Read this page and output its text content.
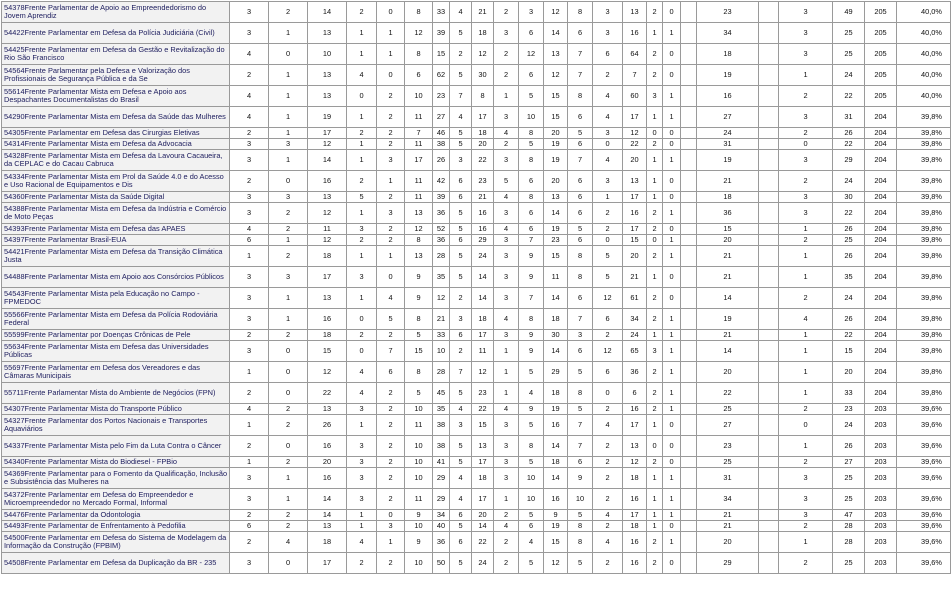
54378Frente Parlamentar de Apoio ao Empreendedorismo do Jovem Aprendiz	3	2	14	2	0	8	33	4	21	2	3	12	8	3	13	2	0		23		3	49	205	40,0%
54422Frente Parlamentar em Defesa da Polícia Judiciária (Civil)	3	1	13	1	1	12	39	5	18	3	6	14	6	3	16	1	1		34		3	25	205	40,0%
54425Frente Parlamentar em Defesa da Gestão e Revitalização do Rio São Francisco	4	0	10	1	1	8	15	2	12	2	12	13	7	6	64	2	0		18		3	25	205	40,0%
54564Frente Parlamentar pela Defesa e Valorização dos Profissionais de Segurança Pública e da Se	2	1	13	4	0	6	62	5	30	2	6	12	7	2	7	2	0		19		1	24	205	40,0%
55614Frente Parlamentar Mista em Defesa e Apoio aos Despachantes Documentalistas do Brasil	4	1	13	0	2	10	23	7	8	1	5	15	8	4	60	3	1		16		2	22	205	40,0%
54290Frente Parlamentar Mista em Defesa da Saúde das Mulheres	4	1	19	1	2	11	27	4	17	3	10	15	6	4	17	1	1		27		3	31	204	39,8%
54305Frente Parlamentar em Defesa das Cirurgias Eletivas	2	1	17	2	2	7	46	5	18	4	8	20	5	3	12	0	0		24		2	26	204	39,8%
54314Frente Parlamentar Mista em Defesa da Advocacia	3	3	12	1	2	11	38	5	20	2	5	19	6	0	22	2	0		31		0	22	204	39,8%
54328Frente Parlamentar Mista em Defesa da Lavoura Cacaueira, da CEPLAC e do Cacau Cabruca	3	1	14	1	3	17	26	3	22	3	8	19	7	4	20	1	1		19		3	29	204	39,8%
54334Frente Parlamentar Mista em Prol da Saúde 4.0 e do Acesso e Uso Racional de Equipamentos e Dis	2	0	16	2	1	11	42	6	23	5	6	20	6	3	13	1	0		21		2	24	204	39,8%
54360Frente Parlamentar Mista da Saúde Digital	3	3	13	5	2	11	39	6	21	4	8	13	6	1	17	1	0		18		3	30	204	39,8%
54388Frente Parlamentar Mista em Defesa da Indústria e Comércio de Moto Peças	3	2	12	1	3	13	36	5	16	3	6	14	6	2	16	2	1		36		3	22	204	39,8%
54393Frente Parlamentar Mista em Defesa das APAES	4	2	11	3	2	12	52	5	16	4	6	19	5	2	17	2	0		15		1	26	204	39,8%
54397Frente Parlamentar Brasil-EUA	6	1	12	2	2	8	36	6	29	3	7	23	6	0	15	0	1		20		2	25	204	39,8%
54421Frente Parlamentar Mista em Defesa da Transição Climática Justa	1	2	18	1	1	13	28	5	24	3	9	15	8	5	20	2	1		21		1	26	204	39,8%
54488Frente Parlamentar Mista em Apoio aos Consórcios Públicos	3	3	17	3	0	9	35	5	14	3	9	11	8	5	21	1	0		21		1	35	204	39,8%
54543Frente Parlamentar Mista pela Educação no Campo - FPMEDOC	3	1	13	1	4	9	12	2	14	3	7	14	6	12	61	2	0		14		2	24	204	39,8%
55566Frente Parlamentar Mista em Defesa da Polícia Rodoviária Federal	3	1	16	0	5	8	21	3	18	4	8	18	7	6	34	2	1		19		4	26	204	39,8%
55599Frente Parlamentar por Doenças Crônicas de Pele	2	2	18	2	2	5	33	6	17	3	9	30	3	2	24	1	1		21		1	22	204	39,8%
55634Frente Parlamentar Mista em Defesa das Universidades Públicas	3	0	15	0	7	15	10	2	11	1	9	14	6	12	65	3	1		14		1	15	204	39,8%
55697Frente Parlamentar em Defesa dos Vereadores e das Câmaras Municipais	1	0	12	4	6	8	28	7	12	1	5	29	5	6	36	2	1		20		1	20	204	39,8%
55711Frente Parlamentar Mista do Ambiente de Negócios (FPN)	2	0	22	4	2	5	45	5	23	1	4	18	8	0	6	2	1		22		1	33	204	39,8%
54307Frente Parlamentar Mista do Transporte Público	4	2	13	3	2	10	35	4	22	4	9	19	5	2	16	2	1		25		2	23	203	39,6%
54327Frente Parlamentar dos Portos Nacionais e Transportes Aquaviários	1	2	26	1	2	11	38	3	15	3	5	16	7	4	17	1	0		27		0	24	203	39,6%
54337Frente Parlamentar Mista pelo Fim da Luta Contra o Câncer	2	0	16	3	2	10	38	5	13	3	8	14	7	2	13	0	0		23		1	26	203	39,6%
54340Frente Parlamentar Mista do Biodiesel - FPBio	1	2	20	3	2	10	41	5	17	3	5	18	6	2	12	2	0		25		2	27	203	39,6%
54369Frente Parlamentar para o Fomento da Qualificação, Inclusão e Subsistência das Mulheres na	3	1	16	3	2	10	29	4	18	3	10	14	9	2	18	1	1		31		3	25	203	39,6%
54372Frente Parlamentar em Defesa do Empreendedor e Microempreendedor no Mercado Formal, Informal	3	1	14	3	2	11	29	4	17	1	10	16	10	2	16	1	1		34		3	25	203	39,6%
54476Frente Parlamentar da Odontologia	2	2	14	1	0	9	34	6	20	2	5	9	5	4	17	1	1		21		3	47	203	39,6%
54493Frente Parlamentar de Enfrentamento à Pedofilia	6	2	13	1	3	10	40	5	14	4	6	19	8	2	18	1	0		21		2	28	203	39,6%
54500Frente Parlamentar em Defesa do Sistema de Modelagem da Informação da Construção (FPBIM)	2	4	18	4	1	9	36	6	22	2	4	15	8	4	16	2	1		20		1	28	203	39,6%
54508Frente Parlamentar em Defesa da Duplicação da BR - 235	3	0	17	2	2	10	50	5	24	2	5	12	5	2	16	2	0		29		2	25	203	39,6%
